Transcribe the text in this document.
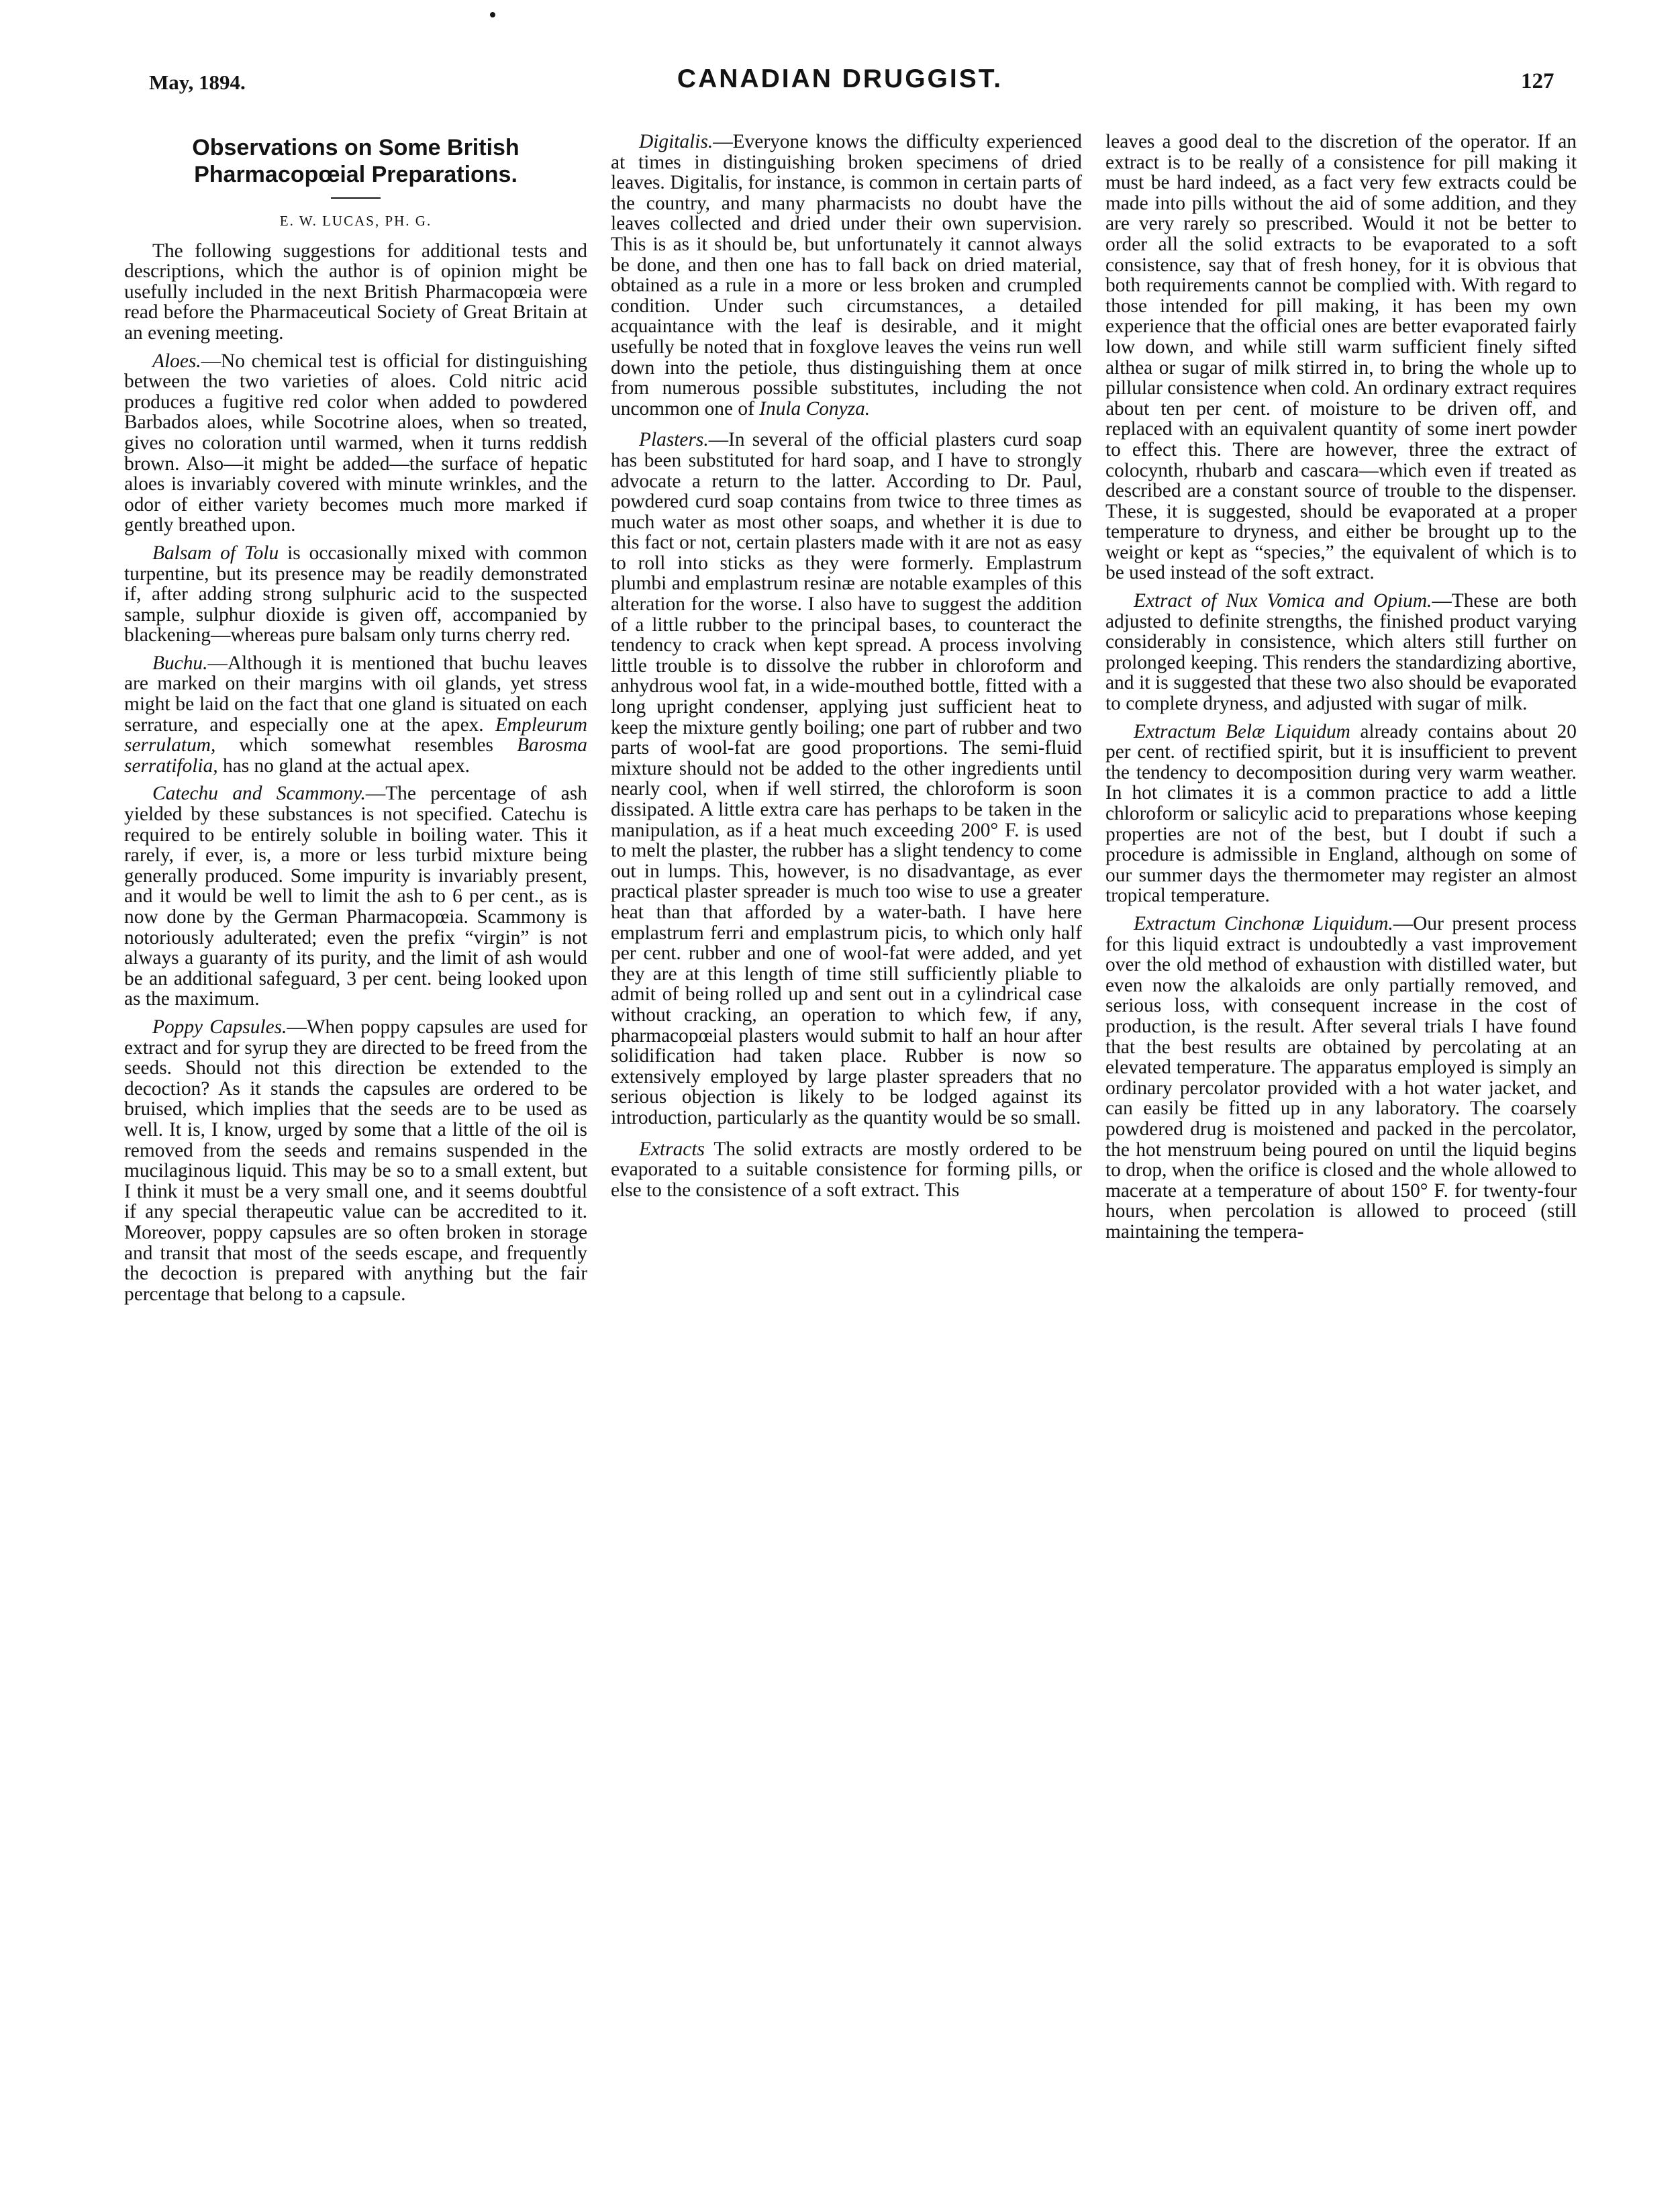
May, 1894.	CANADIAN DRUGGIST.	127
Observations on Some British
Pharmacopœial Preparations.
E. W. LUCAS, PH. G.

The following suggestions for additional tests and descriptions, which the author is of opinion might be usefully included in the next British Pharmacopœia were read before the Pharmaceutical Society of Great Britain at an evening meeting.

Aloes.—No chemical test is official for distinguishing between the two varieties of aloes. Cold nitric acid produces a fugitive red color when added to powdered Barbados aloes, while Socotrine aloes, when so treated, gives no coloration until warmed, when it turns reddish brown. Also—it might be added—the surface of hepatic aloes is invariably covered with minute wrinkles, and the odor of either variety becomes much more marked if gently breathed upon.

Balsam of Tolu is occasionally mixed with common turpentine, but its presence may be readily demonstrated if, after adding strong sulphuric acid to the suspected sample, sulphur dioxide is given off, accompanied by blackening—whereas pure balsam only turns cherry red.

Buchu.—Although it is mentioned that buchu leaves are marked on their margins with oil glands, yet stress might be laid on the fact that one gland is situated on each serrature, and especially one at the apex. Empleurum serrulatum, which somewhat resembles Barosma serratifolia, has no gland at the actual apex.

Catechu and Scammony.—The percentage of ash yielded by these substances is not specified. Catechu is required to be entirely soluble in boiling water. This it rarely, if ever, is, a more or less turbid mixture being generally produced. Some impurity is invariably present, and it would be well to limit the ash to 6 per cent., as is now done by the German Pharmacopœia. Scammony is notoriously adulterated; even the prefix “virgin” is not always a guaranty of its purity, and the limit of ash would be an additional safeguard, 3 per cent. being looked upon as the maximum.

Poppy Capsules.—When poppy capsules are used for extract and for syrup they are directed to be freed from the seeds. Should not this direction be extended to the decoction? As it stands the capsules are ordered to be bruised, which implies that the seeds are to be used as well. It is, I know, urged by some that a little of the oil is removed from the seeds and remains suspended in the mucilaginous liquid. This may be so to a small extent, but I think it must be a very small one, and it seems doubtful if any special therapeutic value can be accredited to it. Moreover, poppy capsules are so often broken in storage and transit that most of the seeds escape, and frequently the decoction is prepared with anything but the fair percentage that belong to a capsule.

Digitalis.—Everyone knows the difficulty experienced at times in distinguishing broken specimens of dried leaves. Digitalis, for instance, is common in certain parts of the country, and many pharmacists no doubt have the leaves collected and dried under their own supervision. This is as it should be, but unfortunately it cannot always be done, and then one has to fall back on dried material, obtained as a rule in a more or less broken and crumpled condition. Under such circumstances, a detailed acquaintance with the leaf is desirable, and it might usefully be noted that in foxglove leaves the veins run well down into the petiole, thus distinguishing them at once from numerous possible substitutes, including the not uncommon one of Inula Conyza.

Plasters.—In several of the official plasters curd soap has been substituted for hard soap, and I have to strongly advocate a return to the latter. According to Dr. Paul, powdered curd soap contains from twice to three times as much water as most other soaps, and whether it is due to this fact or not, certain plasters made with it are not as easy to roll into sticks as they were formerly. Emplastrum plumbi and emplastrum resinæ are notable examples of this alteration for the worse. I also have to suggest the addition of a little rubber to the principal bases, to counteract the tendency to crack when kept spread. A process involving little trouble is to dissolve the rubber in chloroform and anhydrous wool fat, in a wide-mouthed bottle, fitted with a long upright condenser, applying just sufficient heat to keep the mixture gently boiling; one part of rubber and two parts of wool-fat are good proportions. The semi-fluid mixture should not be added to the other ingredients until nearly cool, when if well stirred, the chloroform is soon dissipated. A little extra care has perhaps to be taken in the manipulation, as if a heat much exceeding 200° F. is used to melt the plaster, the rubber has a slight tendency to come out in lumps. This, however, is no disadvantage, as ever practical plaster spreader is much too wise to use a greater heat than that afforded by a water-bath. I have here emplastrum ferri and emplastrum picis, to which only half per cent. rubber and one of wool-fat were added, and yet they are at this length of time still sufficiently pliable to admit of being rolled up and sent out in a cylindrical case without cracking, an operation to which few, if any, pharmacopœial plasters would submit to half an hour after solidification had taken place. Rubber is now so extensively employed by large plaster spreaders that no serious objection is likely to be lodged against its introduction, particularly as the quantity would be so small.

Extracts The solid extracts are mostly ordered to be evaporated to a suitable consistence for forming pills, or else to the consistence of a soft extract. This

leaves a good deal to the discretion of the operator. If an extract is to be really of a consistence for pill making it must be hard indeed, as a fact very few extracts could be made into pills without the aid of some addition, and they are very rarely so prescribed. Would it not be better to order all the solid extracts to be evaporated to a soft consistence, say that of fresh honey, for it is obvious that both requirements cannot be complied with. With regard to those intended for pill making, it has been my own experience that the official ones are better evaporated fairly low down, and while still warm sufficient finely sifted althea or sugar of milk stirred in, to bring the whole up to pillular consistence when cold. An ordinary extract requires about ten per cent. of moisture to be driven off, and replaced with an equivalent quantity of some inert powder to effect this. There are however, three the extract of colocynth, rhubarb and cascara—which even if treated as described are a constant source of trouble to the dispenser. These, it is suggested, should be evaporated at a proper temperature to dryness, and either be brought up to the weight or kept as “species,” the equivalent of which is to be used instead of the soft extract.

Extract of Nux Vomica and Opium.—These are both adjusted to definite strengths, the finished product varying considerably in consistence, which alters still further on prolonged keeping. This renders the standardizing abortive, and it is suggested that these two also should be evaporated to complete dryness, and adjusted with sugar of milk.

Extractum Belæ Liquidum already contains about 20 per cent. of rectified spirit, but it is insufficient to prevent the tendency to decomposition during very warm weather. In hot climates it is a common practice to add a little chloroform or salicylic acid to preparations whose keeping properties are not of the best, but I doubt if such a procedure is admissible in England, although on some of our summer days the thermometer may register an almost tropical temperature.

Extractum Cinchonæ Liquidum.—Our present process for this liquid extract is undoubtedly a vast improvement over the old method of exhaustion with distilled water, but even now the alkaloids are only partially removed, and serious loss, with consequent increase in the cost of production, is the result. After several trials I have found that the best results are obtained by percolating at an elevated temperature. The apparatus employed is simply an ordinary percolator provided with a hot water jacket, and can easily be fitted up in any laboratory. The coarsely powdered drug is moistened and packed in the percolator, the hot menstruum being poured on until the liquid begins to drop, when the orifice is closed and the whole allowed to macerate at a temperature of about 150° F. for twenty-four hours, when percolation is allowed to proceed (still maintaining the tempera-
